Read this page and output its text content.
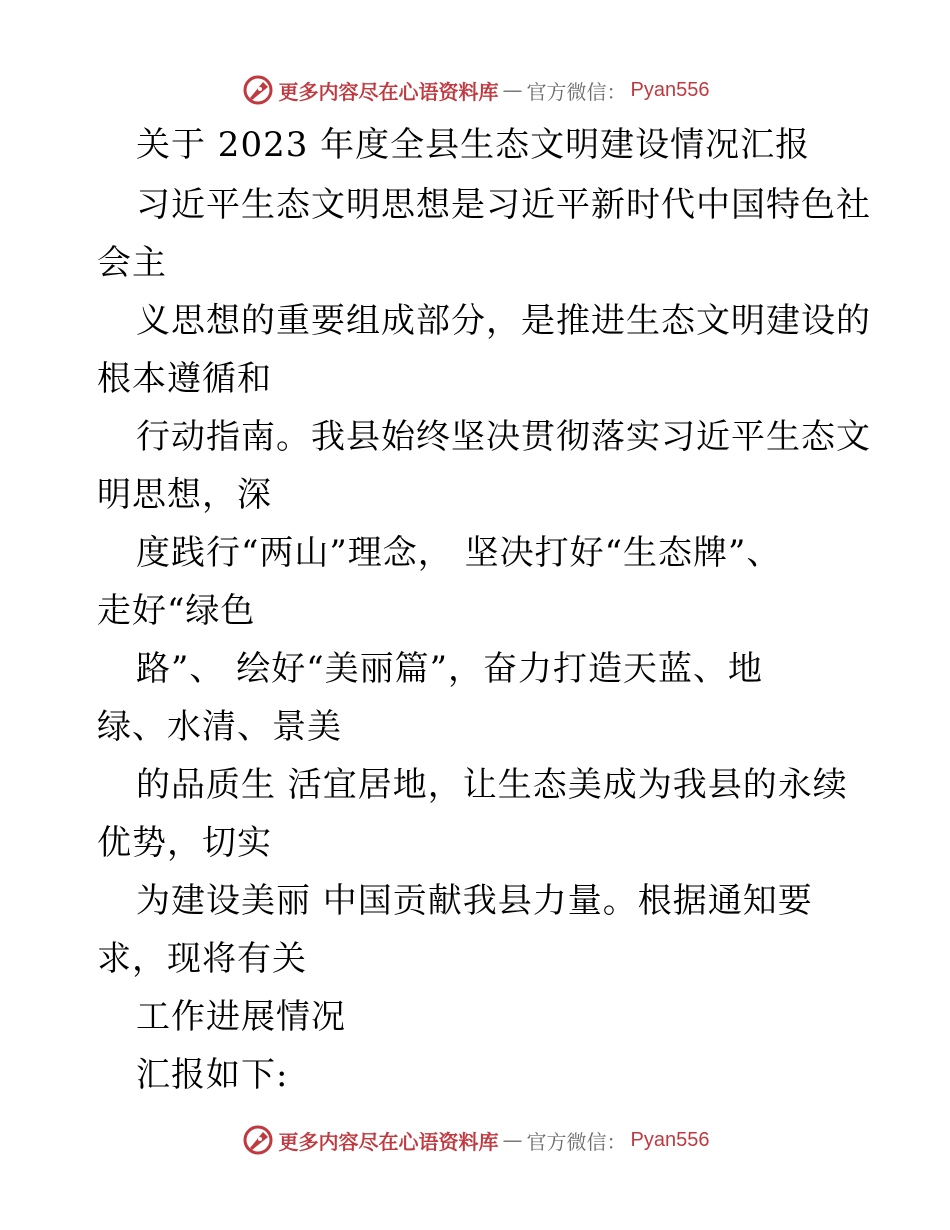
更多内容尽在心语资料库 — 官方微信： Pyan556
关于 2023 年度全县生态文明建设情况汇报
习近平生态文明思想是习近平新时代中国特色社
会主
义思想的重要组成部分，是推进生态文明建设的
根本遵循和
行动指南。我县始终坚决贯彻落实习近平生态文
明思想，深
度践行“两山”理念， 坚决打好“生态牌”、
走好“绿色
路”、 绘好“美丽篇”，奋力打造天蓝、地
绿、水清、景美
的品质生 活宜居地，让生态美成为我县的永续
优势，切实
为建设美丽 中国贡献我县力量。根据通知要
求，现将有关
工作进展情况
汇报如下:
更多内容尽在心语资料库 — 官方微信： Pyan556
